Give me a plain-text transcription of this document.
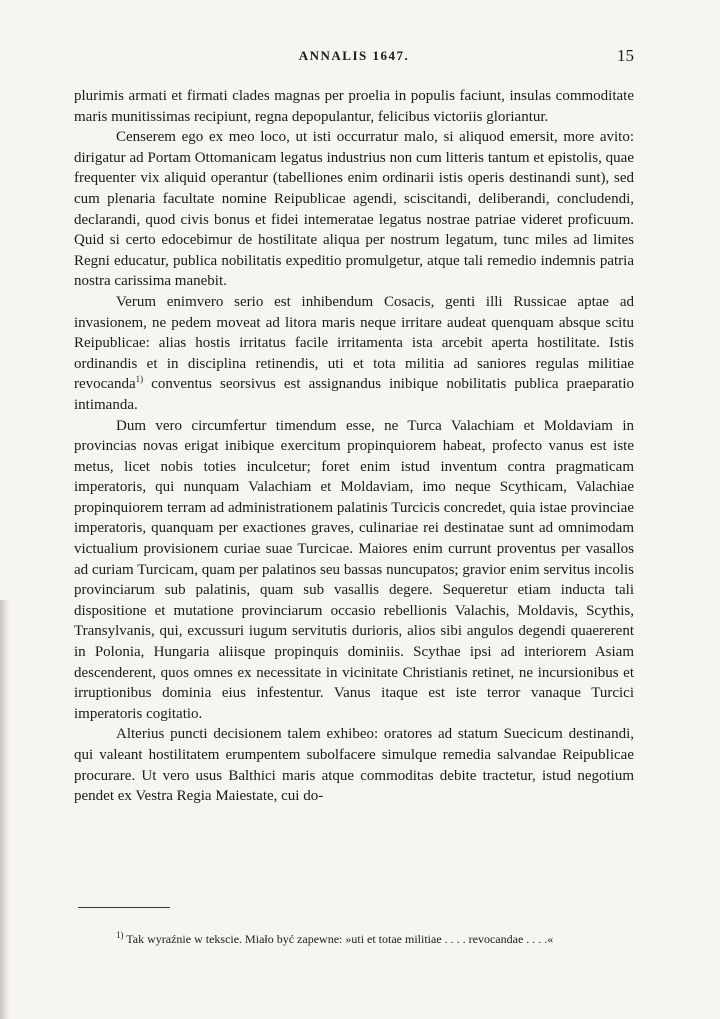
ANNALIS 1647.	15

plurimis armati et firmati clades magnas per proelia in populis faciunt, insulas commoditate maris munitissimas recipiunt, regna depopulantur, felicibus victoriis gloriantur.

Censerem ego ex meo loco, ut isti occurratur malo, si aliquod emersit, more avito: dirigatur ad Portam Ottomanicam legatus industrius non cum litteris tantum et epistolis, quae frequenter vix aliquid operantur (tabelliones enim ordinarii istis operis destinandi sunt), sed cum plenaria facultate nomine Reipublicae agendi, sciscitandi, deliberandi, concludendi, declarandi, quod civis bonus et fidei intemeratae legatus nostrae patriae videret proficuum. Quid si certo edocebimur de hostilitate aliqua per nostrum legatum, tunc miles ad limites Regni educatur, publica nobilitatis expeditio promulgetur, atque tali remedio indemnis patria nostra carissima manebit.

Verum enimvero serio est inhibendum Cosacis, genti illi Russicae aptae ad invasionem, ne pedem moveat ad litora maris neque irritare audeat quenquam absque scitu Reipublicae: alias hostis irritatus facile irritamenta ista arcebit aperta hostilitate. Istis ordinandis et in disciplina retinendis, uti et tota militia ad saniores regulas militiae revocanda$^{1)}$ conventus seorsivus est assignandus inibique nobilitatis publica praeparatio intimanda.

Dum vero circumfertur timendum esse, ne Turca Valachiam et Moldaviam in provincias novas erigat inibique exercitum propinquiorem habeat, profecto vanus est iste metus, licet nobis toties inculcetur; foret enim istud inventum contra pragmaticam imperatoris, qui nunquam Valachiam et Moldaviam, imo neque Scythicam, Valachiae propinquiorem terram ad administrationem palatinis Turcicis concredet, quia istae provinciae imperatoris, quanquam per exactiones graves, culinariae rei destinatae sunt ad omnimodam victualium provisionem curiae suae Turcicae. Maiores enim currunt proventus per vasallos ad curiam Turcicam, quam per palatinos seu bassas nuncupatos; gravior enim servitus incolis provinciarum sub palatinis, quam sub vasallis degere. Sequeretur etiam inducta tali dispositione et mutatione provinciarum occasio rebellionis Valachis, Moldavis, Scythis, Transylvanis, qui, excussuri iugum servitutis durioris, alios sibi angulos degendi quaererent in Polonia, Hungaria aliisque propinquis dominiis. Scythae ipsi ad interiorem Asiam descenderent, quos omnes ex necessitate in vicinitate Christianis retinet, ne incursionibus et irruptionibus dominia eius infestentur. Vanus itaque est iste terror vanaque Turcici imperatoris cogitatio.

Alterius puncti decisionem talem exhibeo: oratores ad statum Suecicum destinandi, qui valeant hostilitatem erumpentem subolfacere simulque remedia salvandae Reipublicae procurare. Ut vero usus Balthici maris atque commoditas debite tractetur, istud negotium pendet ex Vestra Regia Maiestate, cui do-

$^{1)}$ Tak wyraźnie w tekscie. Miało być zapewne: »uti et totae militiae . . . . revocandae . . . .«
